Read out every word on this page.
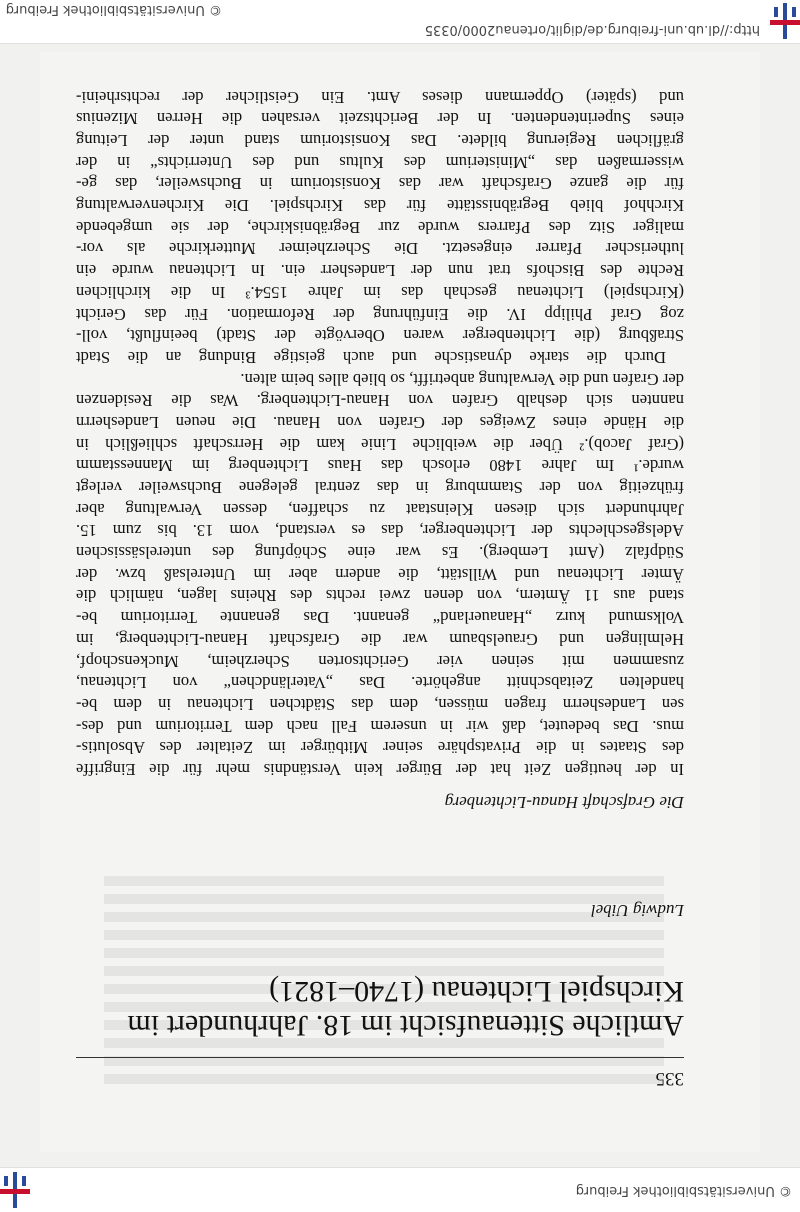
© Universitätsbibliothek Freiburg
335
Amtliche Sittenaufsicht im 18. Jahrhundert im
Kirchspiel Lichtenau (1740–1821)
Ludwig Uibel
Die Grafschaft Hanau-Lichtenberg
In der heutigen Zeit hat der Bürger kein Verständnis mehr für die Eingriffe
des Staates in die Privatsphäre seiner Mitbürger im Zeitalter des Absolutis-
mus. Das bedeutet, daß wir in unserem Fall nach dem Territorium und des-
sen Landesherrn fragen müssen, dem das Städtchen Lichtenau in dem be-
handelten Zeitabschnitt angehörte. Das „Vaterländchen“ von Lichtenau,
zusammen mit seinen vier Gerichtsorten Scherzheim, Muckenschopf,
Helmlingen und Grauelsbaum war die Grafschaft Hanau-Lichtenberg, im
Volksmund kurz „Hanauerland“ genannt. Das genannte Territorium be-
stand aus 11 Ämtern, von denen zwei rechts des Rheins lagen, nämlich die
Ämter Lichtenau und Willstätt, die andern aber im Unterelsaß bzw. der
Südpfalz (Amt Lemberg). Es war eine Schöpfung des unterelsässischen
Adelsgeschlechts der Lichtenberger, das es verstand, vom 13. bis zum 15.
Jahrhundert sich diesen Kleinstaat zu schaffen, dessen Verwaltung aber
frühzeitig von der Stammburg in das zentral gelegene Buchsweiler verlegt
wurde.¹ Im Jahre 1480 erlosch das Haus Lichtenberg im Mannesstamm
(Graf Jacob).² Über die weibliche Linie kam die Herrschaft schließlich in
die Hände eines Zweiges der Grafen von Hanau. Die neuen Landesherrn
nannten sich deshalb Grafen von Hanau-Lichtenberg. Was die Residenzen
der Grafen und die Verwaltung anbetrifft, so blieb alles beim alten.
Durch die starke dynastische und auch geistige Bindung an die Stadt
Straßburg (die Lichtenberger waren Obervögte der Stadt) beeinflußt, voll-
zog Graf Philipp IV. die Einführung der Reformation. Für das Gericht
(Kirchspiel) Lichtenau geschah das im Jahre 1554.³ In die kirchlichen
Rechte des Bischofs trat nun der Landesherr ein. In Lichtenau wurde ein
lutherischer Pfarrer eingesetzt. Die Scherzheimer Mutterkirche als vor-
maliger Sitz des Pfarrers wurde zur Begräbniskirche, der sie umgebende
Kirchhof blieb Begräbnisstätte für das Kirchspiel. Die Kirchenverwaltung
für die ganze Grafschaft war das Konsistorium in Buchsweiler, das ge-
wissermaßen das „Ministerium des Kultus und des Unterrichts“ in der
gräflichen Regierung bildete. Das Konsistorium stand unter der Leitung
eines Superintendenten. In der Berichtszeit versahen die Herren Mizenius
und (später) Oppermann dieses Amt. Ein Geistlicher der rechtsrheini-
http://dl.ub.uni-freiburg.de/diglit/ortenau2000/0335
© Universitätsbibliothek Freiburg
